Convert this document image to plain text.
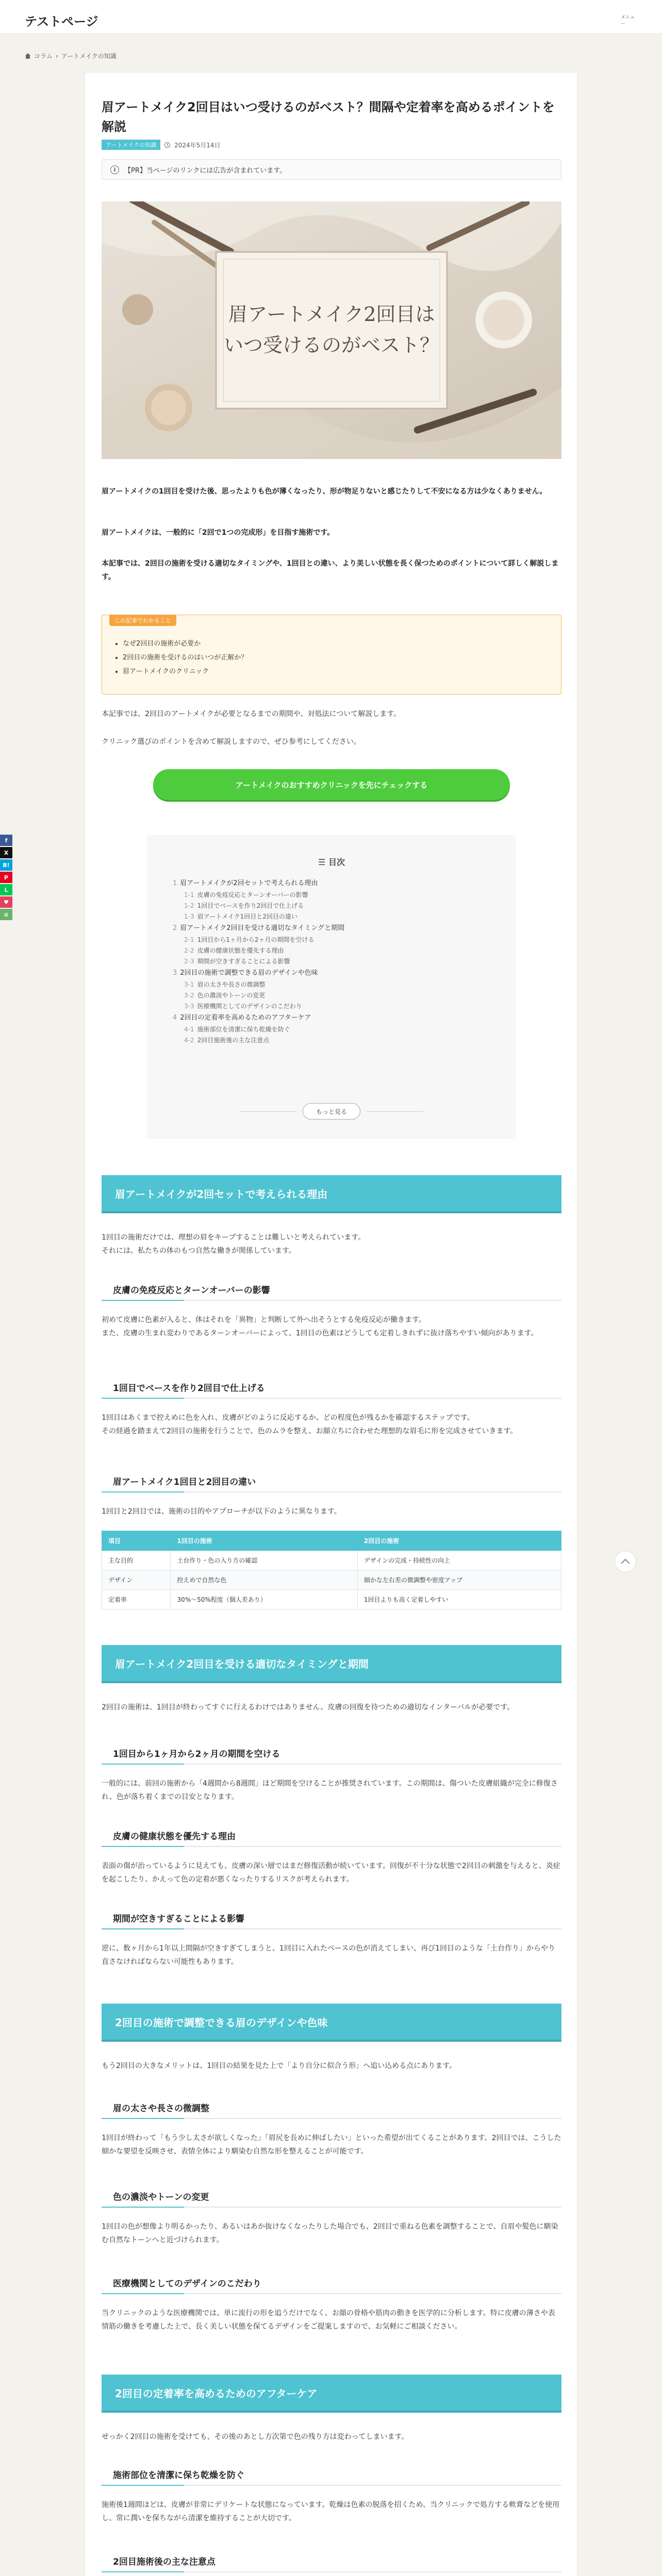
テストページ	メニュー
コラム › アートメイクの知識
f
X
B!
P
L
♥
≡
眉アートメイク2回目はいつ受けるのがベスト？間隔や定着率を高めるポイントを解説
アートメイクの知識	2024年5月14日
i	【PR】当ページのリンクには広告が含まれています。
眉アートメイク2回目は
いつ受けるのがベスト？

眉アートメイクの1回目を受けた後、思ったよりも色が薄くなったり、形が物足りないと感じたりして不安になる方は少なくありません。

眉アートメイクは、一般的に「2回で1つの完成形」を目指す施術です。

本記事では、2回目の施術を受ける適切なタイミングや、1回目との違い、より美しい状態を長く保つためのポイントについて詳しく解説します。

この記事でわかること
• なぜ2回目の施術が必要か
• 2回目の施術を受けるのはいつが正解か？
• 眉アートメイクのクリニック

本記事では、2回目のアートメイクが必要となるまでの期間や、対処法について解説します。

クリニック選びのポイントを含めて解説しますので、ぜひ参考にしてください。

アートメイクのおすすめクリニックを先にチェックする
☰ 目次
1 眉アートメイクが2回セットで考えられる理由
1-1 皮膚の免疫反応とターンオーバーの影響
1-2 1回目でベースを作り2回目で仕上げる
1-3 眉アートメイク1回目と2回目の違い
2 眉アートメイク2回目を受ける適切なタイミングと期間
2-1 1回目から1ヶ月から2ヶ月の期間を空ける
2-2 皮膚の健康状態を優先する理由
2-3 期間が空きすぎることによる影響
3 2回目の施術で調整できる眉のデザインや色味
3-1 眉の太さや長さの微調整
3-2 色の濃淡やトーンの変更
3-3 医療機関としてのデザインのこだわり
4 2回目の定着率を高めるためのアフターケア
4-1 施術部位を清潔に保ち乾燥を防ぐ
4-2 2回目施術後の主な注意点
もっと見る
眉アートメイクが2回セットで考えられる理由

1回目の施術だけでは、理想の眉をキープすることは難しいと考えられています。

それには、私たちの体のもつ自然な働きが関係しています。

皮膚の免疫反応とターンオーバーの影響

初めて皮膚に色素が入ると、体はそれを「異物」と判断して外へ出そうとする免疫反応が働きます。

また、皮膚の生まれ変わりであるターンオーバーによって、1回目の色素はどうしても定着しきれずに抜け落ちやすい傾向があります。

1回目でベースを作り2回目で仕上げる

1回目はあくまで控えめに色を入れ、皮膚がどのように反応するか、どの程度色が残るかを確認するステップです。

その経過を踏まえて2回目の施術を行うことで、色のムラを整え、お顔立ちに合わせた理想的な眉毛に形を完成させていきます。

眉アートメイク1回目と2回目の違い

1回目と2回目では、施術の目的やアプローチが以下のように異なります。

項目	1回目の施術	2回目の施術
主な目的	土台作り・色の入り方の確認	デザインの完成・持続性の向上
デザイン	控えめで自然な色	細かな左右差の微調整や密度アップ
定着率	30%〜50%程度（個人差あり）	1回目よりも高く定着しやすい
眉アートメイク2回目を受ける適切なタイミングと期間

2回目の施術は、1回目が終わってすぐに行えるわけではありません。皮膚の回復を待つための適切なインターバルが必要です。

1回目から1ヶ月から2ヶ月の期間を空ける

一般的には、前回の施術から「4週間から8週間」ほど期間を空けることが推奨されています。この期間は、傷ついた皮膚組織が完全に修復され、色が落ち着くまでの目安となります。

皮膚の健康状態を優先する理由

表面の傷が治っているように見えても、皮膚の深い層ではまだ修復活動が続いています。回復が不十分な状態で2回目の刺激を与えると、炎症を起こしたり、かえって色の定着が悪くなったりするリスクが考えられます。

期間が空きすぎることによる影響

逆に、数ヶ月から1年以上間隔が空きすぎてしまうと、1回目に入れたベースの色が消えてしまい、再び1回目のような「土台作り」からやり直さなければならない可能性もあります。

2回目の施術で調整できる眉のデザインや色味

もう2回目の大きなメリットは、1回目の結果を見た上で「より自分に似合う形」へ追い込める点にあります。

眉の太さや長さの微調整

1回目が終わって「もう少し太さが欲しくなった」「眉尻を長めに伸ばしたい」といった希望が出てくることがあります。2回目では、こうした細かな要望を反映させ、表情全体により馴染む自然な形を整えることが可能です。

色の濃淡やトーンの変更

1回目の色が想像より明るかったり、あるいはあか抜けなくなったりした場合でも、2回目で重ねる色素を調整することで、自眉や髪色に馴染む自然なトーンへと近づけられます。

医療機関としてのデザインのこだわり

当クリニックのような医療機関では、単に流行の形を追うだけでなく、お顔の骨格や筋肉の動きを医学的に分析します。特に皮膚の薄さや表情筋の働きを考慮した上で、長く美しい状態を保てるデザインをご提案しますので、お気軽にご相談ください。

2回目の定着率を高めるためのアフターケア

せっかく2回目の施術を受けても、その後のあとし方次第で色の残り方は変わってしまいます。

施術部位を清潔に保ち乾燥を防ぐ

施術後1週間ほどは、皮膚が非常にデリケートな状態になっています。乾燥は色素の脱落を招くため、当クリニックで処方する軟膏などを使用し、常に潤いを保ちながら清潔を維持することが大切です。

2回目施術後の主な注意点
